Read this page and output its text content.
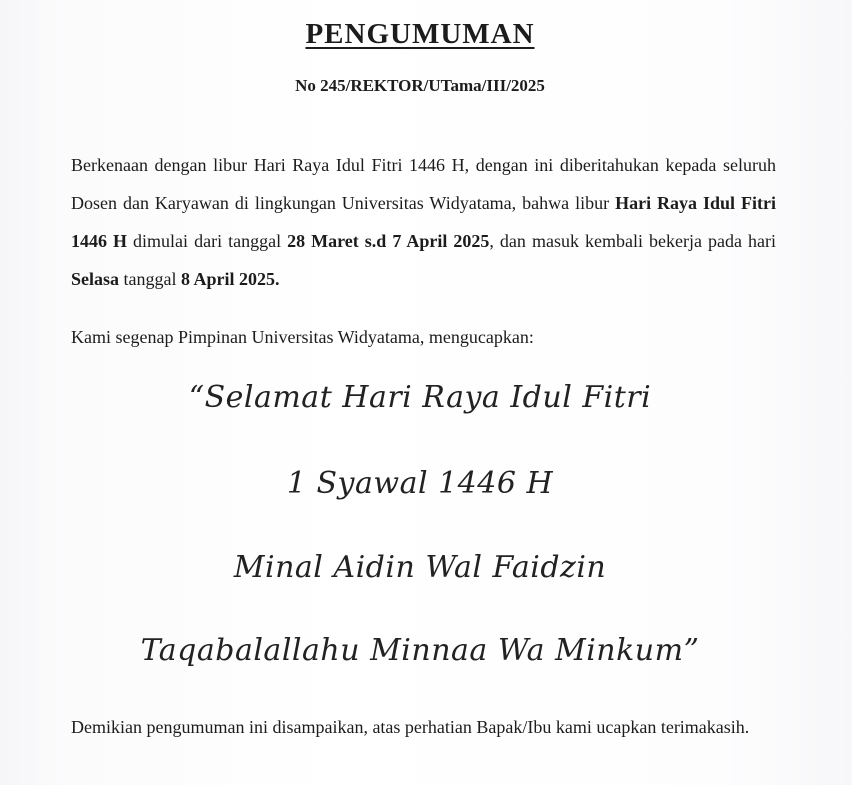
PENGUMUMAN
No 245/REKTOR/UTama/III/2025
Berkenaan dengan libur Hari Raya Idul Fitri 1446 H, dengan ini diberitahukan kepada seluruh Dosen dan Karyawan di lingkungan Universitas Widyatama, bahwa libur Hari Raya Idul Fitri 1446 H dimulai dari tanggal 28 Maret s.d 7 April 2025, dan masuk kembali bekerja pada hari Selasa tanggal 8 April 2025.
Kami segenap Pimpinan Universitas Widyatama, mengucapkan:
“Selamat Hari Raya Idul Fitri
1 Syawal 1446 H
Minal Aidin Wal Faidzin
Taqabalallahu Minnaa Wa Minkum”
Demikian pengumuman ini disampaikan, atas perhatian Bapak/Ibu kami ucapkan terimakasih.
